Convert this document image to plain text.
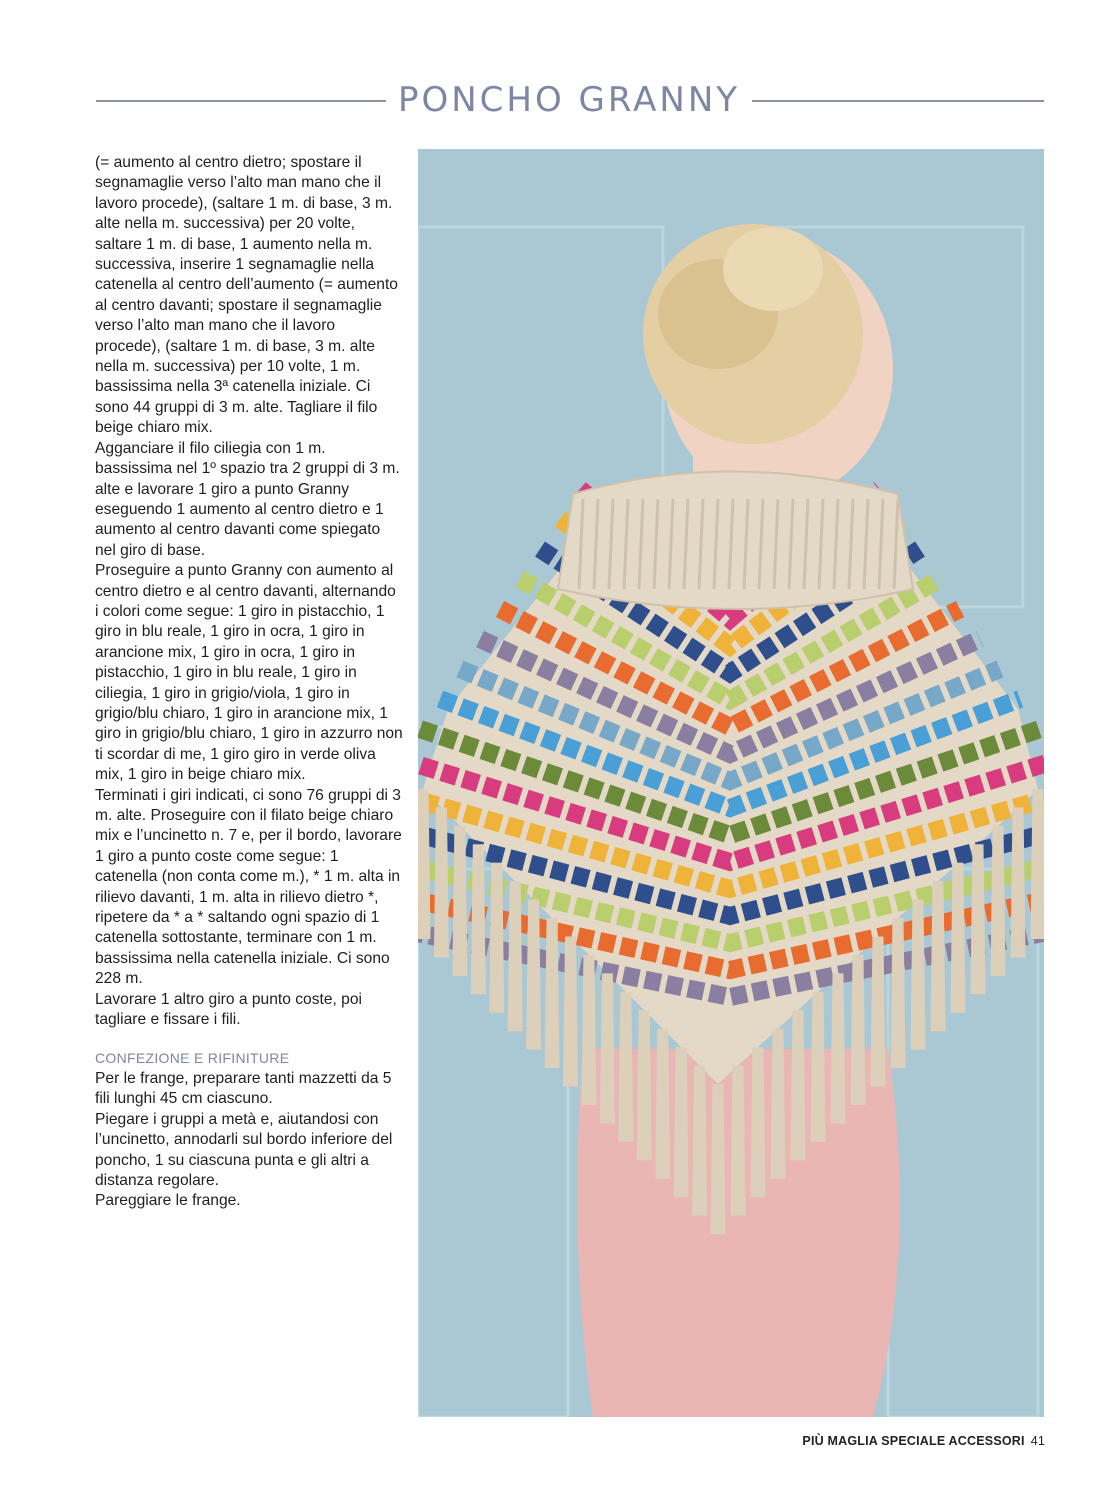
PONCHO GRANNY

(= aumento al centro dietro; spostare il segnamaglie verso l’alto man mano che il lavoro procede), (saltare 1 m. di base, 3 m. alte nella m. successiva) per 20 volte, saltare 1 m. di base, 1 aumento nella m. successiva, inserire 1 segnamaglie nella catenella al centro dell’aumento (= aumento al centro davanti; spostare il segnamaglie verso l’alto man mano che il lavoro procede), (saltare 1 m. di base, 3 m. alte nella m. successiva) per 10 volte, 1 m. bassissima nella 3ª catenella iniziale. Ci sono 44 gruppi di 3 m. alte. Tagliare il filo beige chiaro mix.

Agganciare il filo ciliegia con 1 m. bassissima nel 1º spazio tra 2 gruppi di 3 m. alte e lavorare 1 giro a punto Granny eseguendo 1 aumento al centro dietro e 1 aumento al centro davanti come spiegato nel giro di base.

Proseguire a punto Granny con aumento al centro dietro e al centro davanti, alternando i colori come segue: 1 giro in pistacchio, 1 giro in blu reale, 1 giro in ocra, 1 giro in arancione mix, 1 giro in ocra, 1 giro in pistacchio, 1 giro in blu reale, 1 giro in ciliegia, 1 giro in grigio/viola, 1 giro in grigio/blu chiaro, 1 giro in arancione mix, 1 giro in grigio/blu chiaro, 1 giro in azzurro non ti scordar di me, 1 giro giro in verde oliva mix, 1 giro in beige chiaro mix.

Terminati i giri indicati, ci sono 76 gruppi di 3 m. alte. Proseguire con il filato beige chiaro mix e l’uncinetto n. 7 e, per il bordo, lavorare 1 giro a punto coste come segue: 1 catenella (non conta come m.), * 1 m. alta in rilievo davanti, 1 m. alta in rilievo dietro *, ripetere da * a * saltando ogni spazio di 1 catenella sottostante, terminare con 1 m. bassissima nella catenella iniziale. Ci sono 228 m.

Lavorare 1 altro giro a punto coste, poi tagliare e fissare i fili.

CONFEZIONE E RIFINITURE

Per le frange, preparare tanti mazzetti da 5 fili lunghi 45 cm ciascuno.

Piegare i gruppi a metà e, aiutandosi con l’uncinetto, annodarli sul bordo inferiore del poncho, 1 su ciascuna punta e gli altri a distanza regolare.

Pareggiare le frange.

PIÙ MAGLIA SPECIALE ACCESSORI 41
